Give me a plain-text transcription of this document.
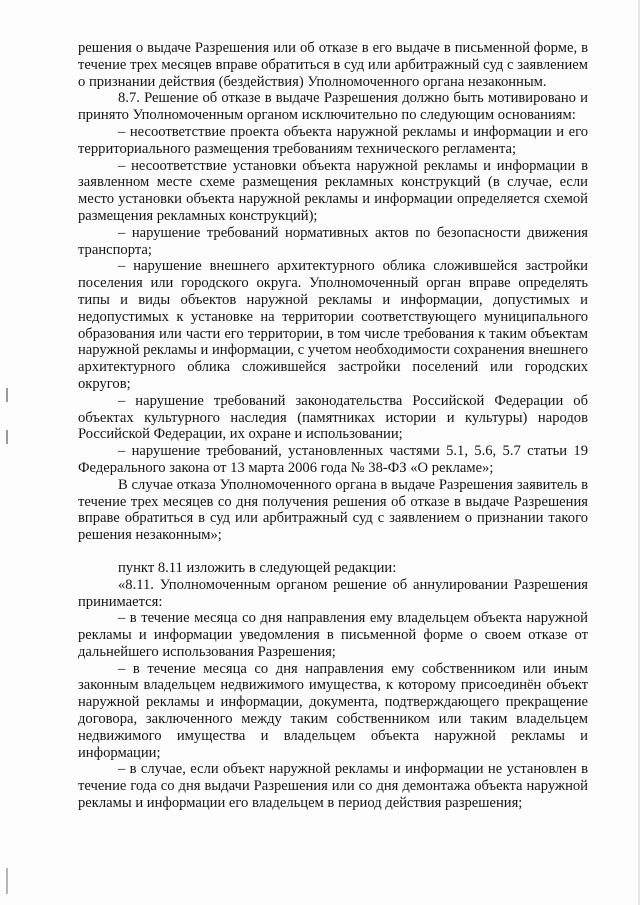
решения о выдаче Разрешения или об отказе в его выдаче в письменной форме, в течение трех месяцев вправе обратиться в суд или арбитражный суд с заявлением о признании действия (бездействия) Уполномоченного органа незаконным.

8.7. Решение об отказе в выдаче Разрешения должно быть мотивировано и принято Уполномоченным органом исключительно по следующим основаниям:

– несоответствие проекта объекта наружной рекламы и информации и его территориального размещения требованиям технического регламента;

– несоответствие установки объекта наружной рекламы и информации в заявленном месте схеме размещения рекламных конструкций (в случае, если место установки объекта наружной рекламы и информации определяется схемой размещения рекламных конструкций);

– нарушение требований нормативных актов по безопасности движения транспорта;

– нарушение внешнего архитектурного облика сложившейся застройки поселения или городского округа. Уполномоченный орган вправе определять типы и виды объектов наружной рекламы и информации, допустимых и недопустимых к установке на территории соответствующего муниципального образования или части его территории, в том числе требования к таким объектам наружной рекламы и информации, с учетом необходимости сохранения внешнего архитектурного облика сложившейся застройки поселений или городских округов;

– нарушение требований законодательства Российской Федерации об объектах культурного наследия (памятниках истории и культуры) народов Российской Федерации, их охране и использовании;

– нарушение требований, установленных частями 5.1, 5.6, 5.7 статьи 19 Федерального закона от 13 марта 2006 года № 38-ФЗ «О рекламе»;

В случае отказа Уполномоченного органа в выдаче Разрешения заявитель в течение трех месяцев со дня получения решения об отказе в выдаче Разрешения вправе обратиться в суд или арбитражный суд с заявлением о признании такого решения незаконным»;

пункт 8.11 изложить в следующей редакции:

«8.11. Уполномоченным органом решение об аннулировании Разрешения принимается:

– в течение месяца со дня направления ему владельцем объекта наружной рекламы и информации уведомления в письменной форме о своем отказе от дальнейшего использования Разрешения;

– в течение месяца со дня направления ему собственником или иным законным владельцем недвижимого имущества, к которому присоединён объект наружной рекламы и информации, документа, подтверждающего прекращение договора, заключенного между таким собственником или таким владельцем недвижимого имущества и владельцем объекта наружной рекламы и информации;

– в случае, если объект наружной рекламы и информации не установлен в течение года со дня выдачи Разрешения или со дня демонтажа объекта наружной рекламы и информации его владельцем в период действия разрешения;
